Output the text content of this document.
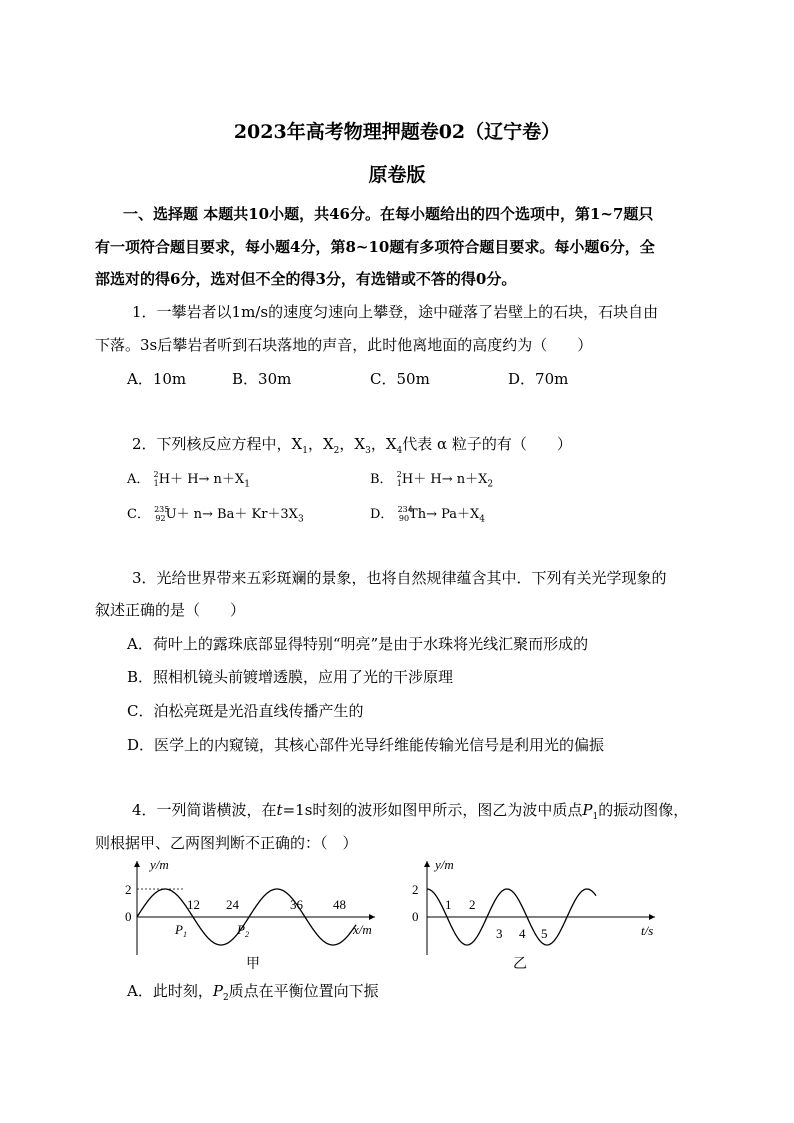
2023年高考物理押题卷02（辽宁卷）
原卷版
一、选择题 本题共10小题，共46分。在每小题给出的四个选项中，第1~7题只
有一项符合题目要求，每小题4分，第8~10题有多项符合题目要求。每小题6分，全
部选对的得6分，选对但不全的得3分，有选错或不答的得0分。
1．一攀岩者以1m/s的速度匀速向上攀登，途中碰落了岩壁上的石块，石块自由
下落。3s后攀岩者听到石块落地的声音，此时他离地面的高度约为（　　）
A．10m	B．30m	C．50m	D．70m
2．下列核反应方程中，$X_1$，$X_2$，$X_3$，$X_4$代表 α 粒子的有（　　）
A． $^2_1H+ H\to n+X_1$	B． $^2_1H+ H\to n+X_2$
C． $^{235}_{92}U+ n\to Ba+ Kr+3X_3$	D． $^{234}_{90}Th\to Pa+X_4$
3．光给世界带来五彩斑斓的景象，也将自然规律蕴含其中．下列有关光学现象的
叙述正确的是（　　）
A．荷叶上的露珠底部显得特别“明亮”是由于水珠将光线汇聚而形成的
B．照相机镜头前镀增透膜，应用了光的干涉原理
C．泊松亮斑是光沿直线传播产生的
D．医学上的内窥镜，其核心部件光导纤维能传输光信号是利用光的偏振
4．一列简谐横波，在t=1s时刻的波形如图甲所示，图乙为波中质点$P_1$的振动图像，
则根据甲、乙两图判断不正确的：（　）
y/m
2
0
12 24	36 48
$P_1$	$P_2$	x/m
甲
y/m
2
0
1 2
3 4 5	t/s
乙
A．此时刻，$P_2$质点在平衡位置向下振
